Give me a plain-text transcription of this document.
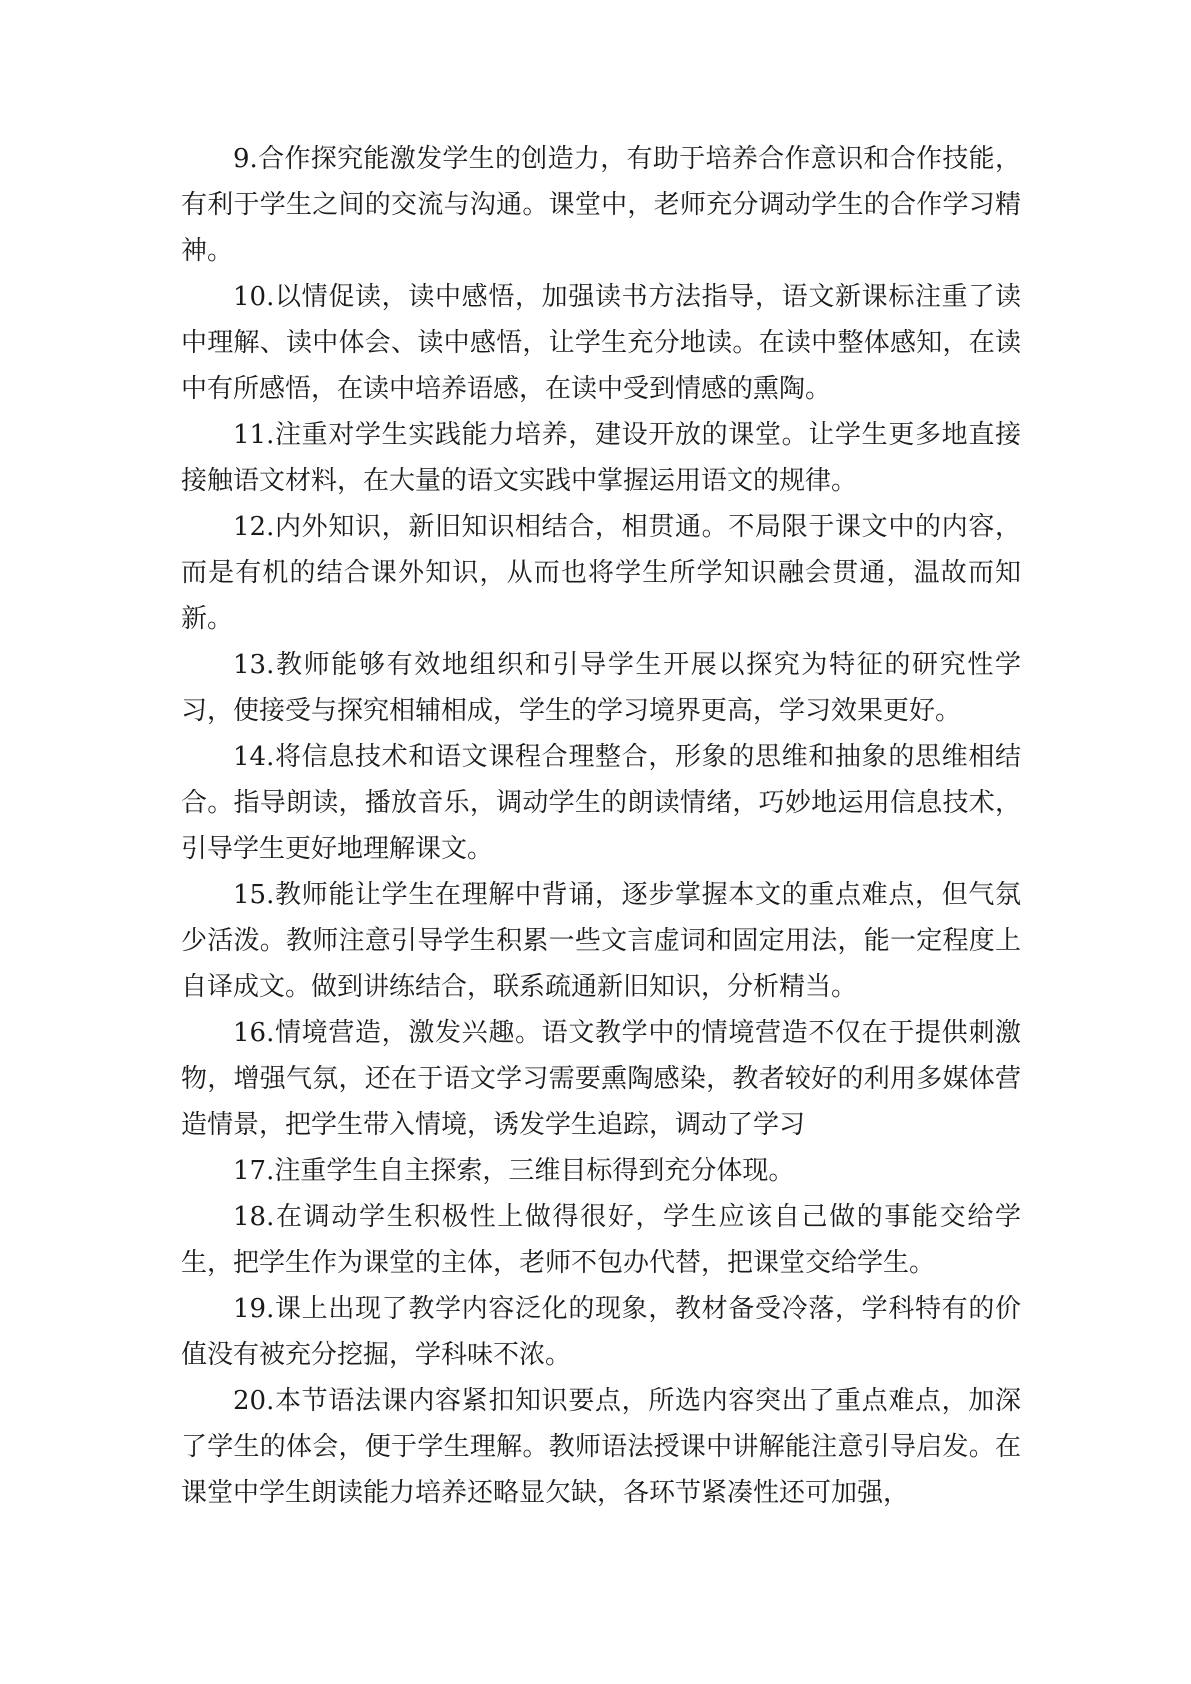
9.合作探究能激发学生的创造力，有助于培养合作意识和合作技能，有利于学生之间的交流与沟通。课堂中，老师充分调动学生的合作学习精神。

10.以情促读，读中感悟，加强读书方法指导，语文新课标注重了读中理解、读中体会、读中感悟，让学生充分地读。在读中整体感知，在读中有所感悟，在读中培养语感，在读中受到情感的熏陶。

11.注重对学生实践能力培养，建设开放的课堂。让学生更多地直接接触语文材料，在大量的语文实践中掌握运用语文的规律。

12.内外知识，新旧知识相结合，相贯通。不局限于课文中的内容，而是有机的结合课外知识，从而也将学生所学知识融会贯通，温故而知新。

13.教师能够有效地组织和引导学生开展以探究为特征的研究性学习，使接受与探究相辅相成，学生的学习境界更高，学习效果更好。

14.将信息技术和语文课程合理整合，形象的思维和抽象的思维相结合。指导朗读，播放音乐，调动学生的朗读情绪，巧妙地运用信息技术，引导学生更好地理解课文。

15.教师能让学生在理解中背诵，逐步掌握本文的重点难点，但气氛少活泼。教师注意引导学生积累一些文言虚词和固定用法，能一定程度上自译成文。做到讲练结合，联系疏通新旧知识，分析精当。

16.情境营造，激发兴趣。语文教学中的情境营造不仅在于提供刺激物，增强气氛，还在于语文学习需要熏陶感染，教者较好的利用多媒体营造情景，把学生带入情境，诱发学生追踪，调动了学习

17.注重学生自主探索，三维目标得到充分体现。

18.在调动学生积极性上做得很好，学生应该自己做的事能交给学生，把学生作为课堂的主体，老师不包办代替，把课堂交给学生。

19.课上出现了教学内容泛化的现象，教材备受冷落，学科特有的价值没有被充分挖掘，学科味不浓。

20.本节语法课内容紧扣知识要点，所选内容突出了重点难点，加深了学生的体会，便于学生理解。教师语法授课中讲解能注意引导启发。在课堂中学生朗读能力培养还略显欠缺，各环节紧凑性还可加强，
